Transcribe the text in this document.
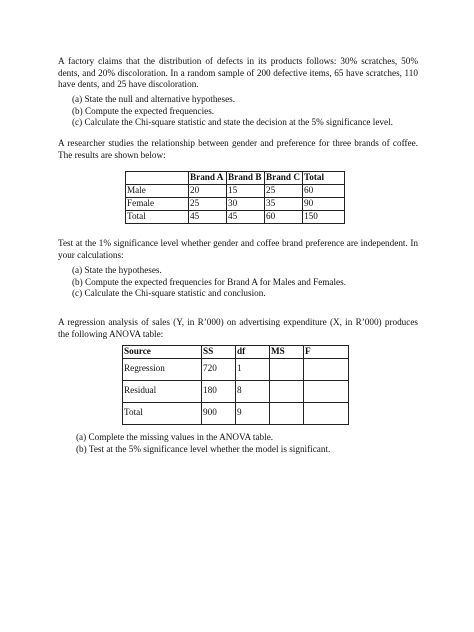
A factory claims that the distribution of defects in its products follows: 30% scratches, 50% dents, and 20% discoloration. In a random sample of 200 defective items, 65 have scratches, 110 have dents, and 25 have discoloration.

(a) State the null and alternative hypotheses.
(b) Compute the expected frequencies.
(c) Calculate the Chi-square statistic and state the decision at the 5% significance level.

A researcher studies the relationship between gender and preference for three brands of coffee. The results are shown below:

	Brand A	Brand B	Brand C	Total
Male	20	15	25	60
Female	25	30	35	90
Total	45	45	60	150

Test at the 1% significance level whether gender and coffee brand preference are independent. In your calculations:

(a) State the hypotheses.
(b) Compute the expected frequencies for Brand A for Males and Females.
(c) Calculate the Chi-square statistic and conclusion.

A regression analysis of sales (Y, in R’000) on advertising expenditure (X, in R’000) produces the following ANOVA table:

Source	SS	df	MS	F
Regression	720	1		
Residual	180	8		
Total	900	9		
(a) Complete the missing values in the ANOVA table.
(b) Test at the 5% significance level whether the model is significant.
